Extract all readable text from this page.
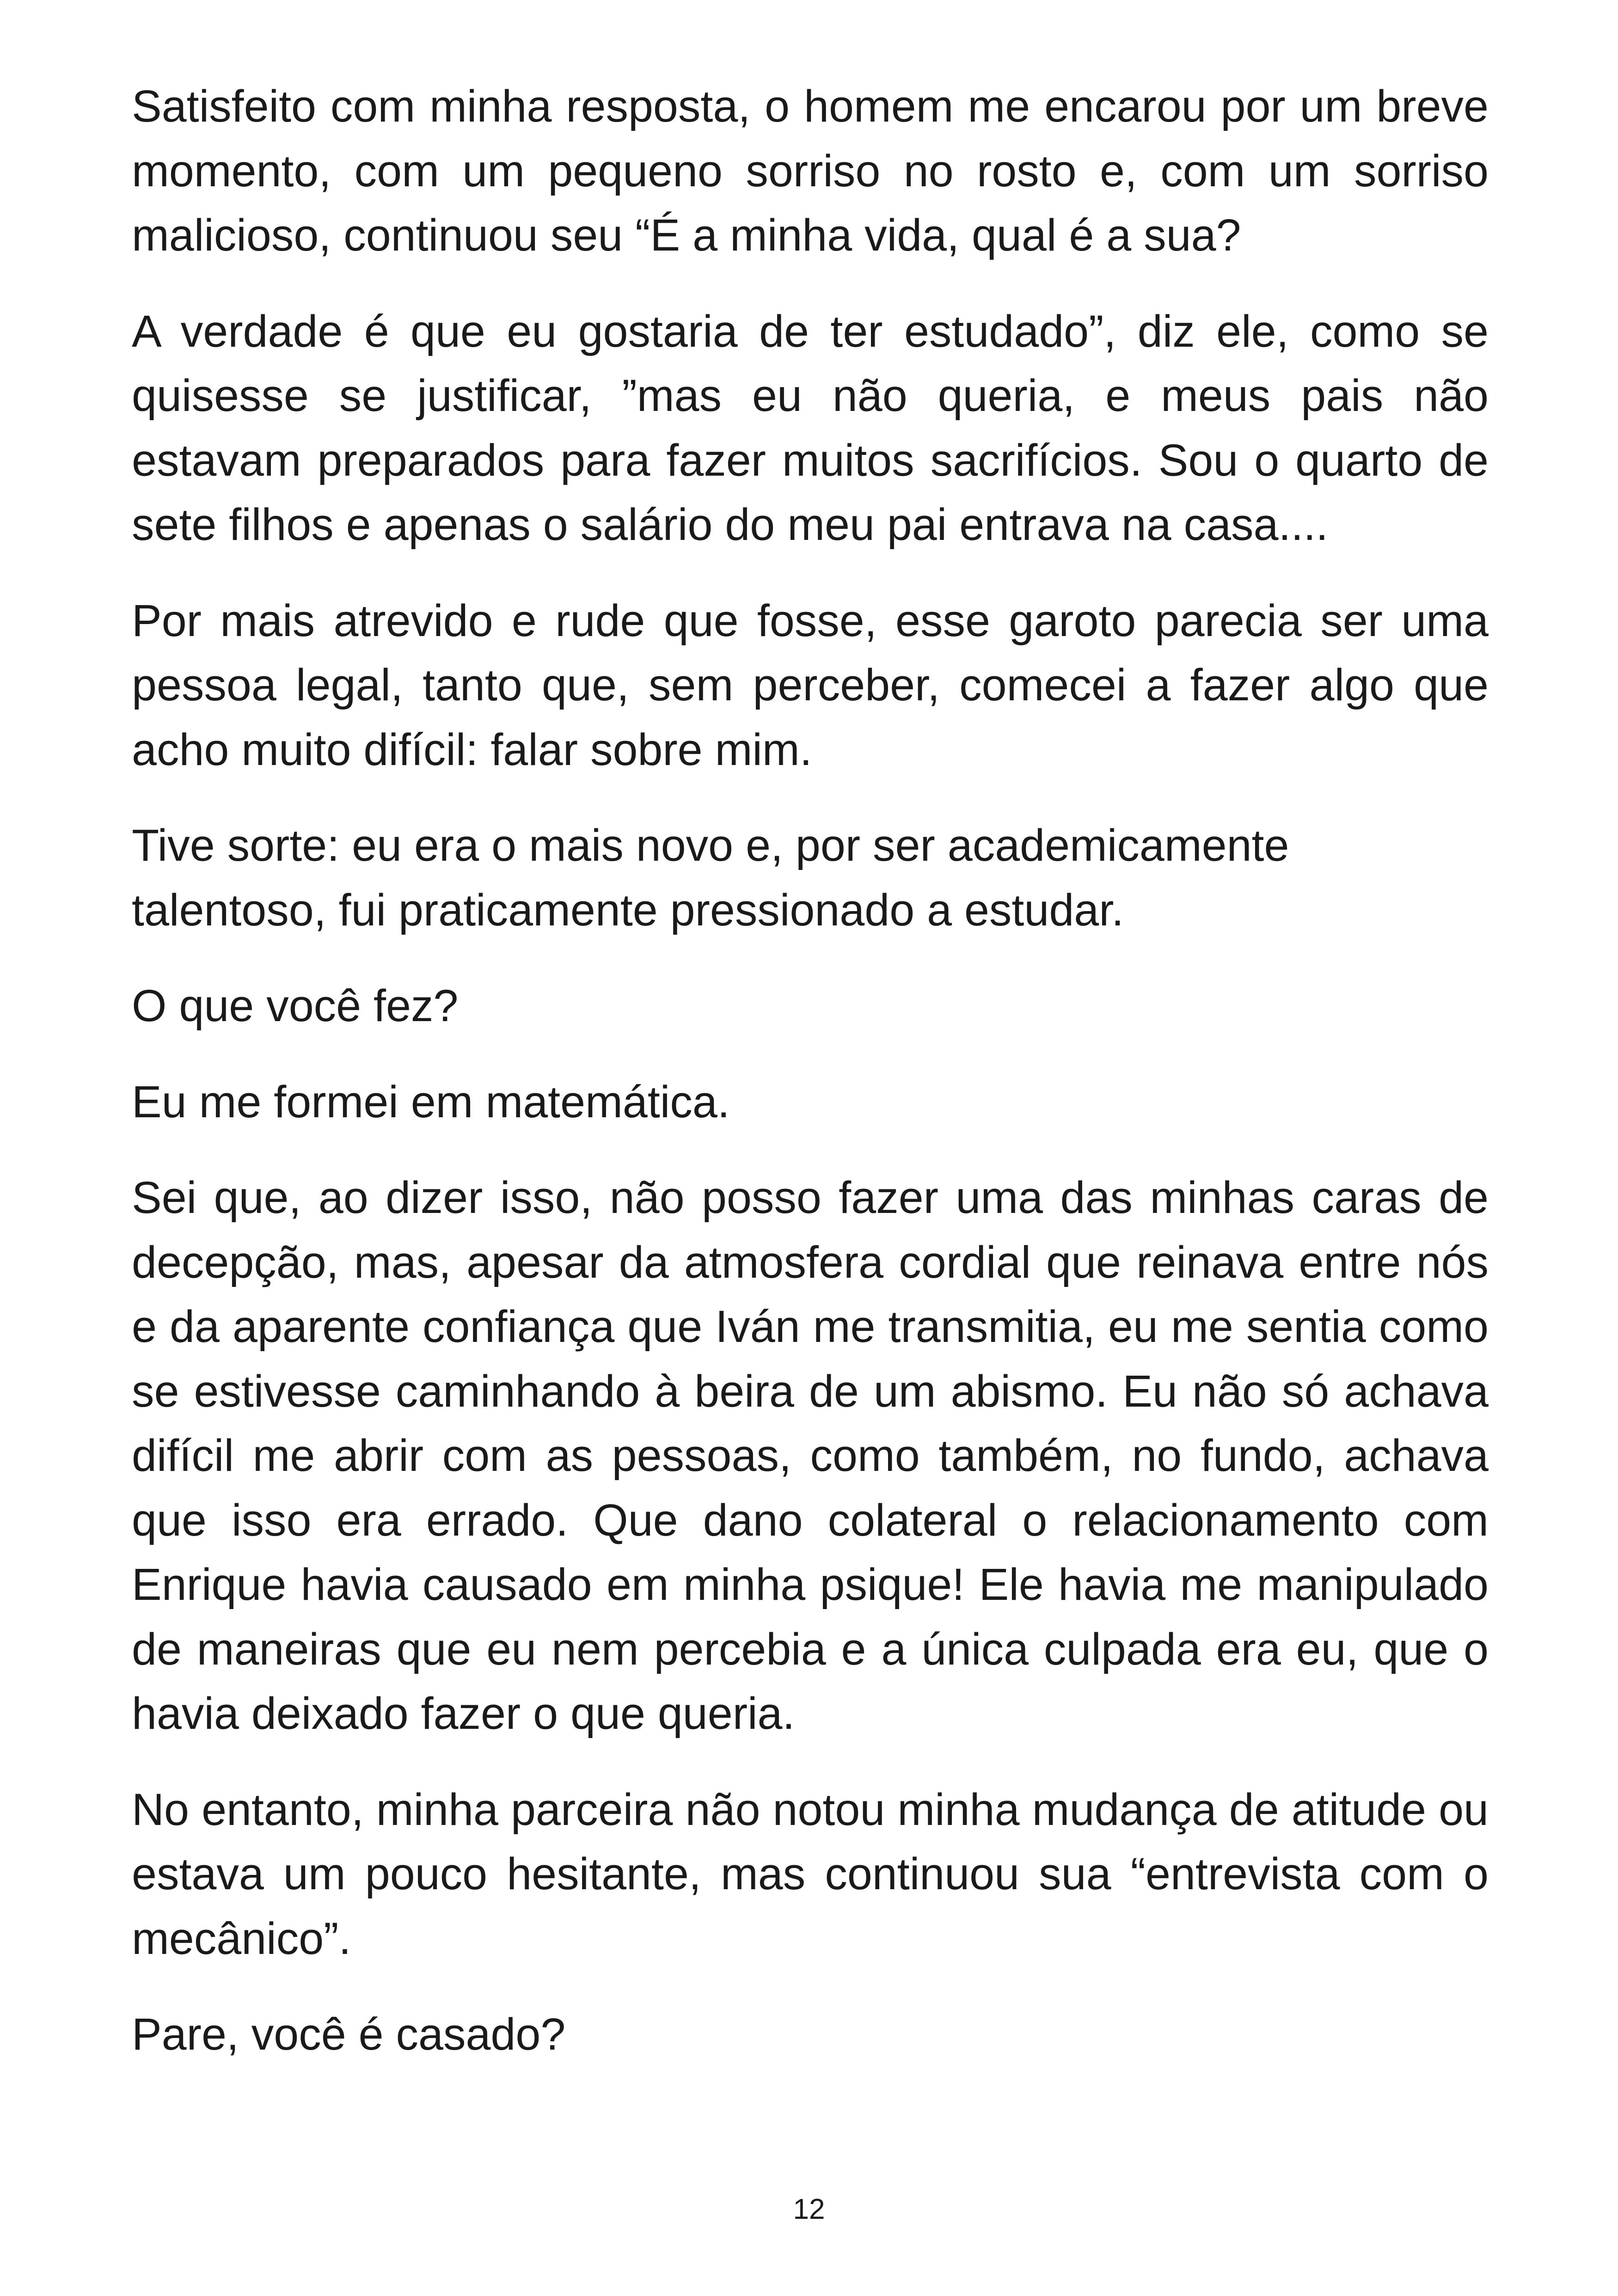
Satisfeito com minha resposta, o homem me encarou por um breve momento, com um pequeno sorriso no rosto e, com um sorriso malicioso, continuou seu “É a minha vida, qual é a sua?

A verdade é que eu gostaria de ter estudado”, diz ele, como se quisesse se justificar, ”mas eu não queria, e meus pais não estavam preparados para fazer muitos sacrifícios. Sou o quarto de sete filhos e apenas o salário do meu pai entrava na casa....

Por mais atrevido e rude que fosse, esse garoto parecia ser uma pessoa legal, tanto que, sem perceber, comecei a fazer algo que acho muito difícil: falar sobre mim.

Tive sorte: eu era o mais novo e, por ser academicamente talentoso, fui praticamente pressionado a estudar.

O que você fez?

Eu me formei em matemática.

Sei que, ao dizer isso, não posso fazer uma das minhas caras de decepção, mas, apesar da atmosfera cordial que reinava entre nós e da aparente confiança que Iván me transmitia, eu me sentia como se estivesse caminhando à beira de um abismo. Eu não só achava difícil me abrir com as pessoas, como também, no fundo, achava que isso era errado. Que dano colateral o relacionamento com Enrique havia causado em minha psique! Ele havia me manipulado de maneiras que eu nem percebia e a única culpada era eu, que o havia deixado fazer o que queria.

No entanto, minha parceira não notou minha mudança de atitude ou estava um pouco hesitante, mas continuou sua “entrevista com o mecânico”.

Pare, você é casado?

12
